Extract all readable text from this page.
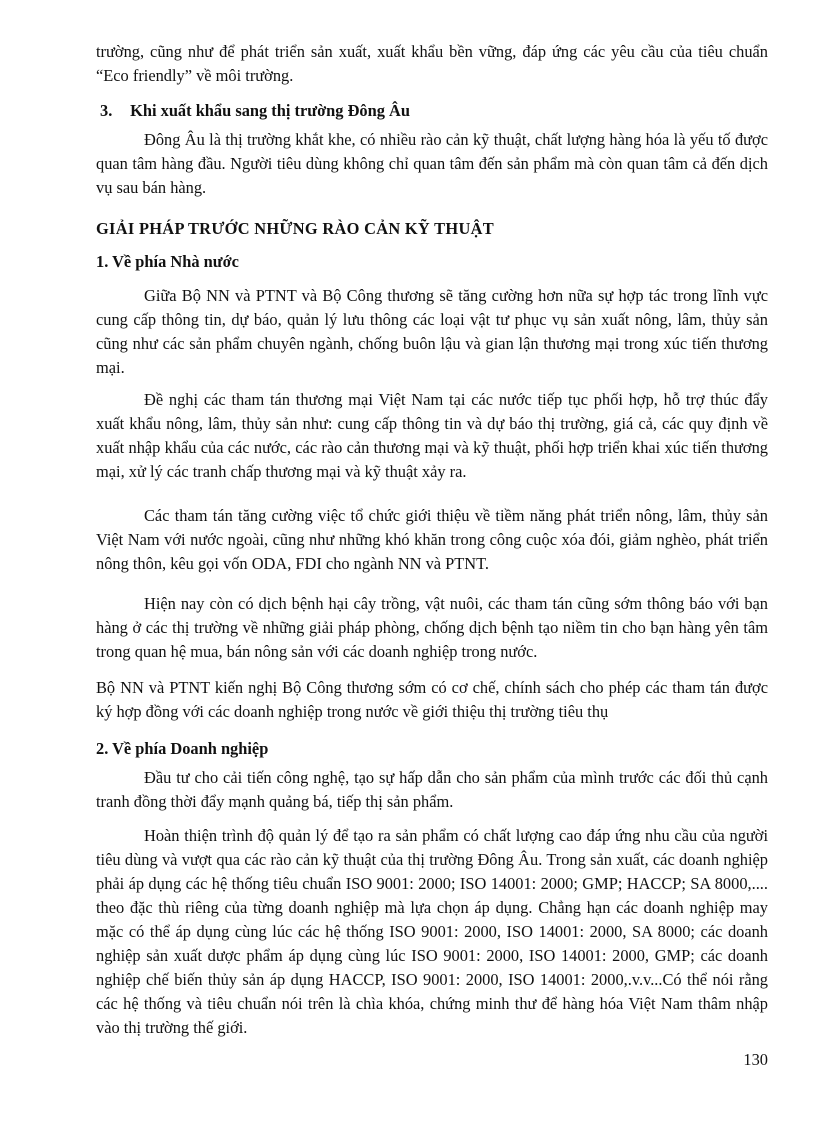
trường, cũng như để phát triển sản xuất, xuất khẩu bền vững, đáp ứng các yêu cầu của tiêu chuẩn “Eco friendly” về môi trường.
3. Khi xuất khẩu sang thị trường Đông Âu
Đông Âu là thị trường khắt khe, có nhiều rào cản kỹ thuật, chất lượng hàng hóa là yếu tố được quan tâm hàng đầu. Người tiêu dùng không chỉ quan tâm đến sản phẩm mà còn quan tâm cả đến dịch vụ sau bán hàng.
GIẢI PHÁP TRƯỚC NHỮNG RÀO CẢN KỸ THUẬT
1. Về phía Nhà nước
Giữa Bộ NN và PTNT và Bộ Công thương sẽ tăng cường hơn nữa sự hợp tác trong lĩnh vực cung cấp thông tin, dự báo, quản lý lưu thông các loại vật tư phục vụ sản xuất nông, lâm, thủy sản cũng như các sản phẩm chuyên ngành, chống buôn lậu và gian lận thương mại trong xúc tiến thương mại.
Đề nghị các tham tán thương mại Việt Nam tại các nước tiếp tục phối hợp, hỗ trợ thúc đẩy xuất khẩu nông, lâm, thủy sản như: cung cấp thông tin và dự báo thị trường, giá cả, các quy định về xuất nhập khẩu của các nước, các rào cản thương mại và kỹ thuật, phối hợp triển khai xúc tiến thương mại, xử lý các tranh chấp thương mại và kỹ thuật xảy ra.
Các tham tán tăng cường việc tổ chức giới thiệu về tiềm năng phát triển nông, lâm, thủy sản Việt Nam với nước ngoài, cũng như những khó khăn trong công cuộc xóa đói, giảm nghèo, phát triển nông thôn, kêu gọi vốn ODA, FDI cho ngành NN và PTNT.
Hiện nay còn có dịch bệnh hại cây trồng, vật nuôi, các tham tán cũng sớm thông báo với bạn hàng ở các thị trường về những giải pháp phòng, chống dịch bệnh tạo niềm tin cho bạn hàng yên tâm trong quan hệ mua, bán nông sản với các doanh nghiệp trong nước.
Bộ NN và PTNT kiến nghị Bộ Công thương sớm có cơ chế, chính sách cho phép các tham tán được ký hợp đồng với các doanh nghiệp trong nước về giới thiệu thị trường tiêu thụ
2. Về phía Doanh nghiệp
Đầu tư cho cải tiến công nghệ, tạo sự hấp dẫn cho sản phẩm của mình trước các đối thủ cạnh tranh đồng thời đẩy mạnh quảng bá, tiếp thị sản phẩm.
Hoàn thiện trình độ quản lý để tạo ra sản phẩm có chất lượng cao đáp ứng nhu cầu của người tiêu dùng và vượt qua các rào cản kỹ thuật của thị trường Đông Âu. Trong sản xuất, các doanh nghiệp phải áp dụng các hệ thống tiêu chuẩn ISO 9001: 2000; ISO 14001: 2000; GMP; HACCP; SA 8000,.... theo đặc thù riêng của từng doanh nghiệp mà lựa chọn áp dụng. Chẳng hạn các doanh nghiệp may mặc có thể áp dụng cùng lúc các hệ thống ISO 9001: 2000, ISO 14001: 2000, SA 8000; các doanh nghiệp sản xuất dược phẩm áp dụng cùng lúc ISO 9001: 2000, ISO 14001: 2000, GMP; các doanh nghiệp chế biến thủy sản áp dụng HACCP, ISO 9001: 2000, ISO 14001: 2000,.v.v...Có thể nói rằng các hệ thống và tiêu chuẩn nói trên là chìa khóa, chứng minh thư để hàng hóa Việt Nam thâm nhập vào thị trường thế giới.
130
